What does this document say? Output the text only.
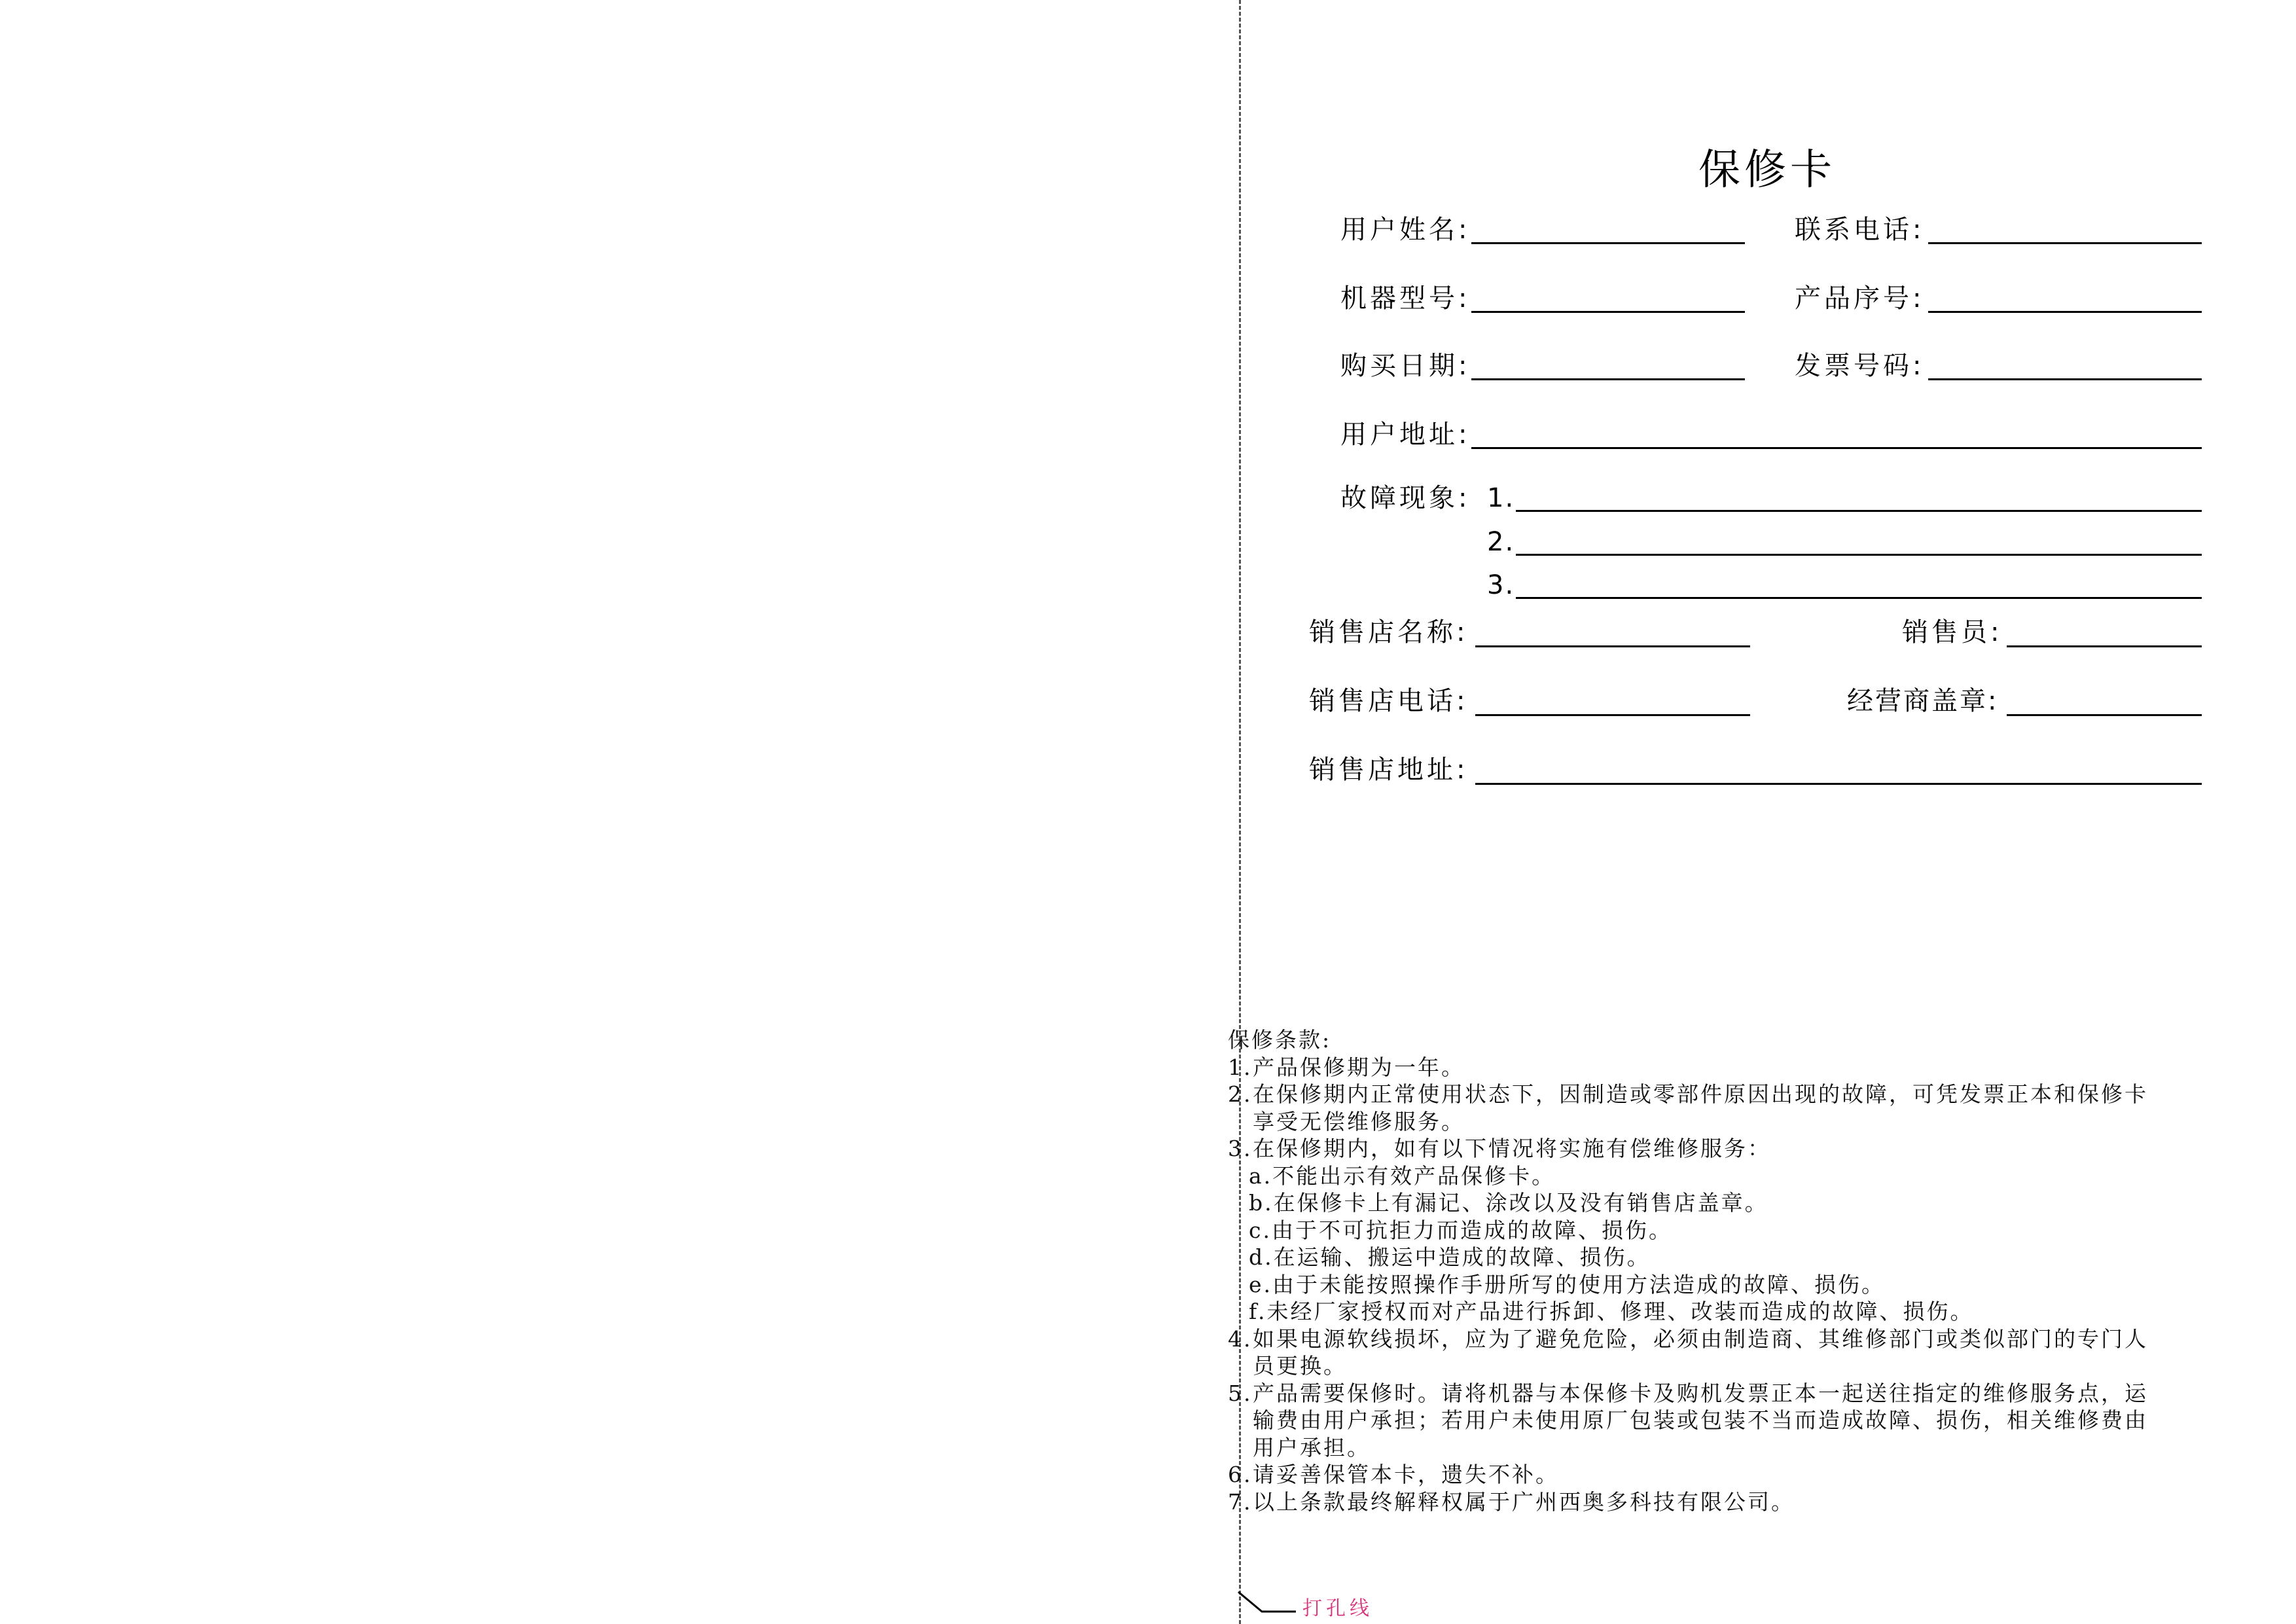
保修卡
用户姓名:	联系电话:
机器型号:	产品序号:
购买日期:	发票号码:
用户地址:
故障现象: 1.
2.
3.
销售店名称:	销售员:
销售店电话:	经营商盖章:
销售店地址:
保修条款:
1.产品保修期为一年。
2.在保修期内正常使用状态下，因制造或零部件原因出现的故障，可凭发票正本和保修卡
享受无偿维修服务。
3.在保修期内，如有以下情况将实施有偿维修服务：
a.不能出示有效产品保修卡。
b.在保修卡上有漏记、涂改以及没有销售店盖章。
c.由于不可抗拒力而造成的故障、损伤。
d.在运输、搬运中造成的故障、损伤。
e.由于未能按照操作手册所写的使用方法造成的故障、损伤。
f.未经厂家授权而对产品进行拆卸、修理、改装而造成的故障、损伤。
4.如果电源软线损坏，应为了避免危险，必须由制造商、其维修部门或类似部门的专门人
员更换。
5.产品需要保修时。请将机器与本保修卡及购机发票正本一起送往指定的维修服务点，运
输费由用户承担；若用户未使用原厂包装或包装不当而造成故障、损伤，相关维修费由
用户承担。
6.请妥善保管本卡，遗失不补。
7.以上条款最终解释权属于广州西奥多科技有限公司。
打孔线
